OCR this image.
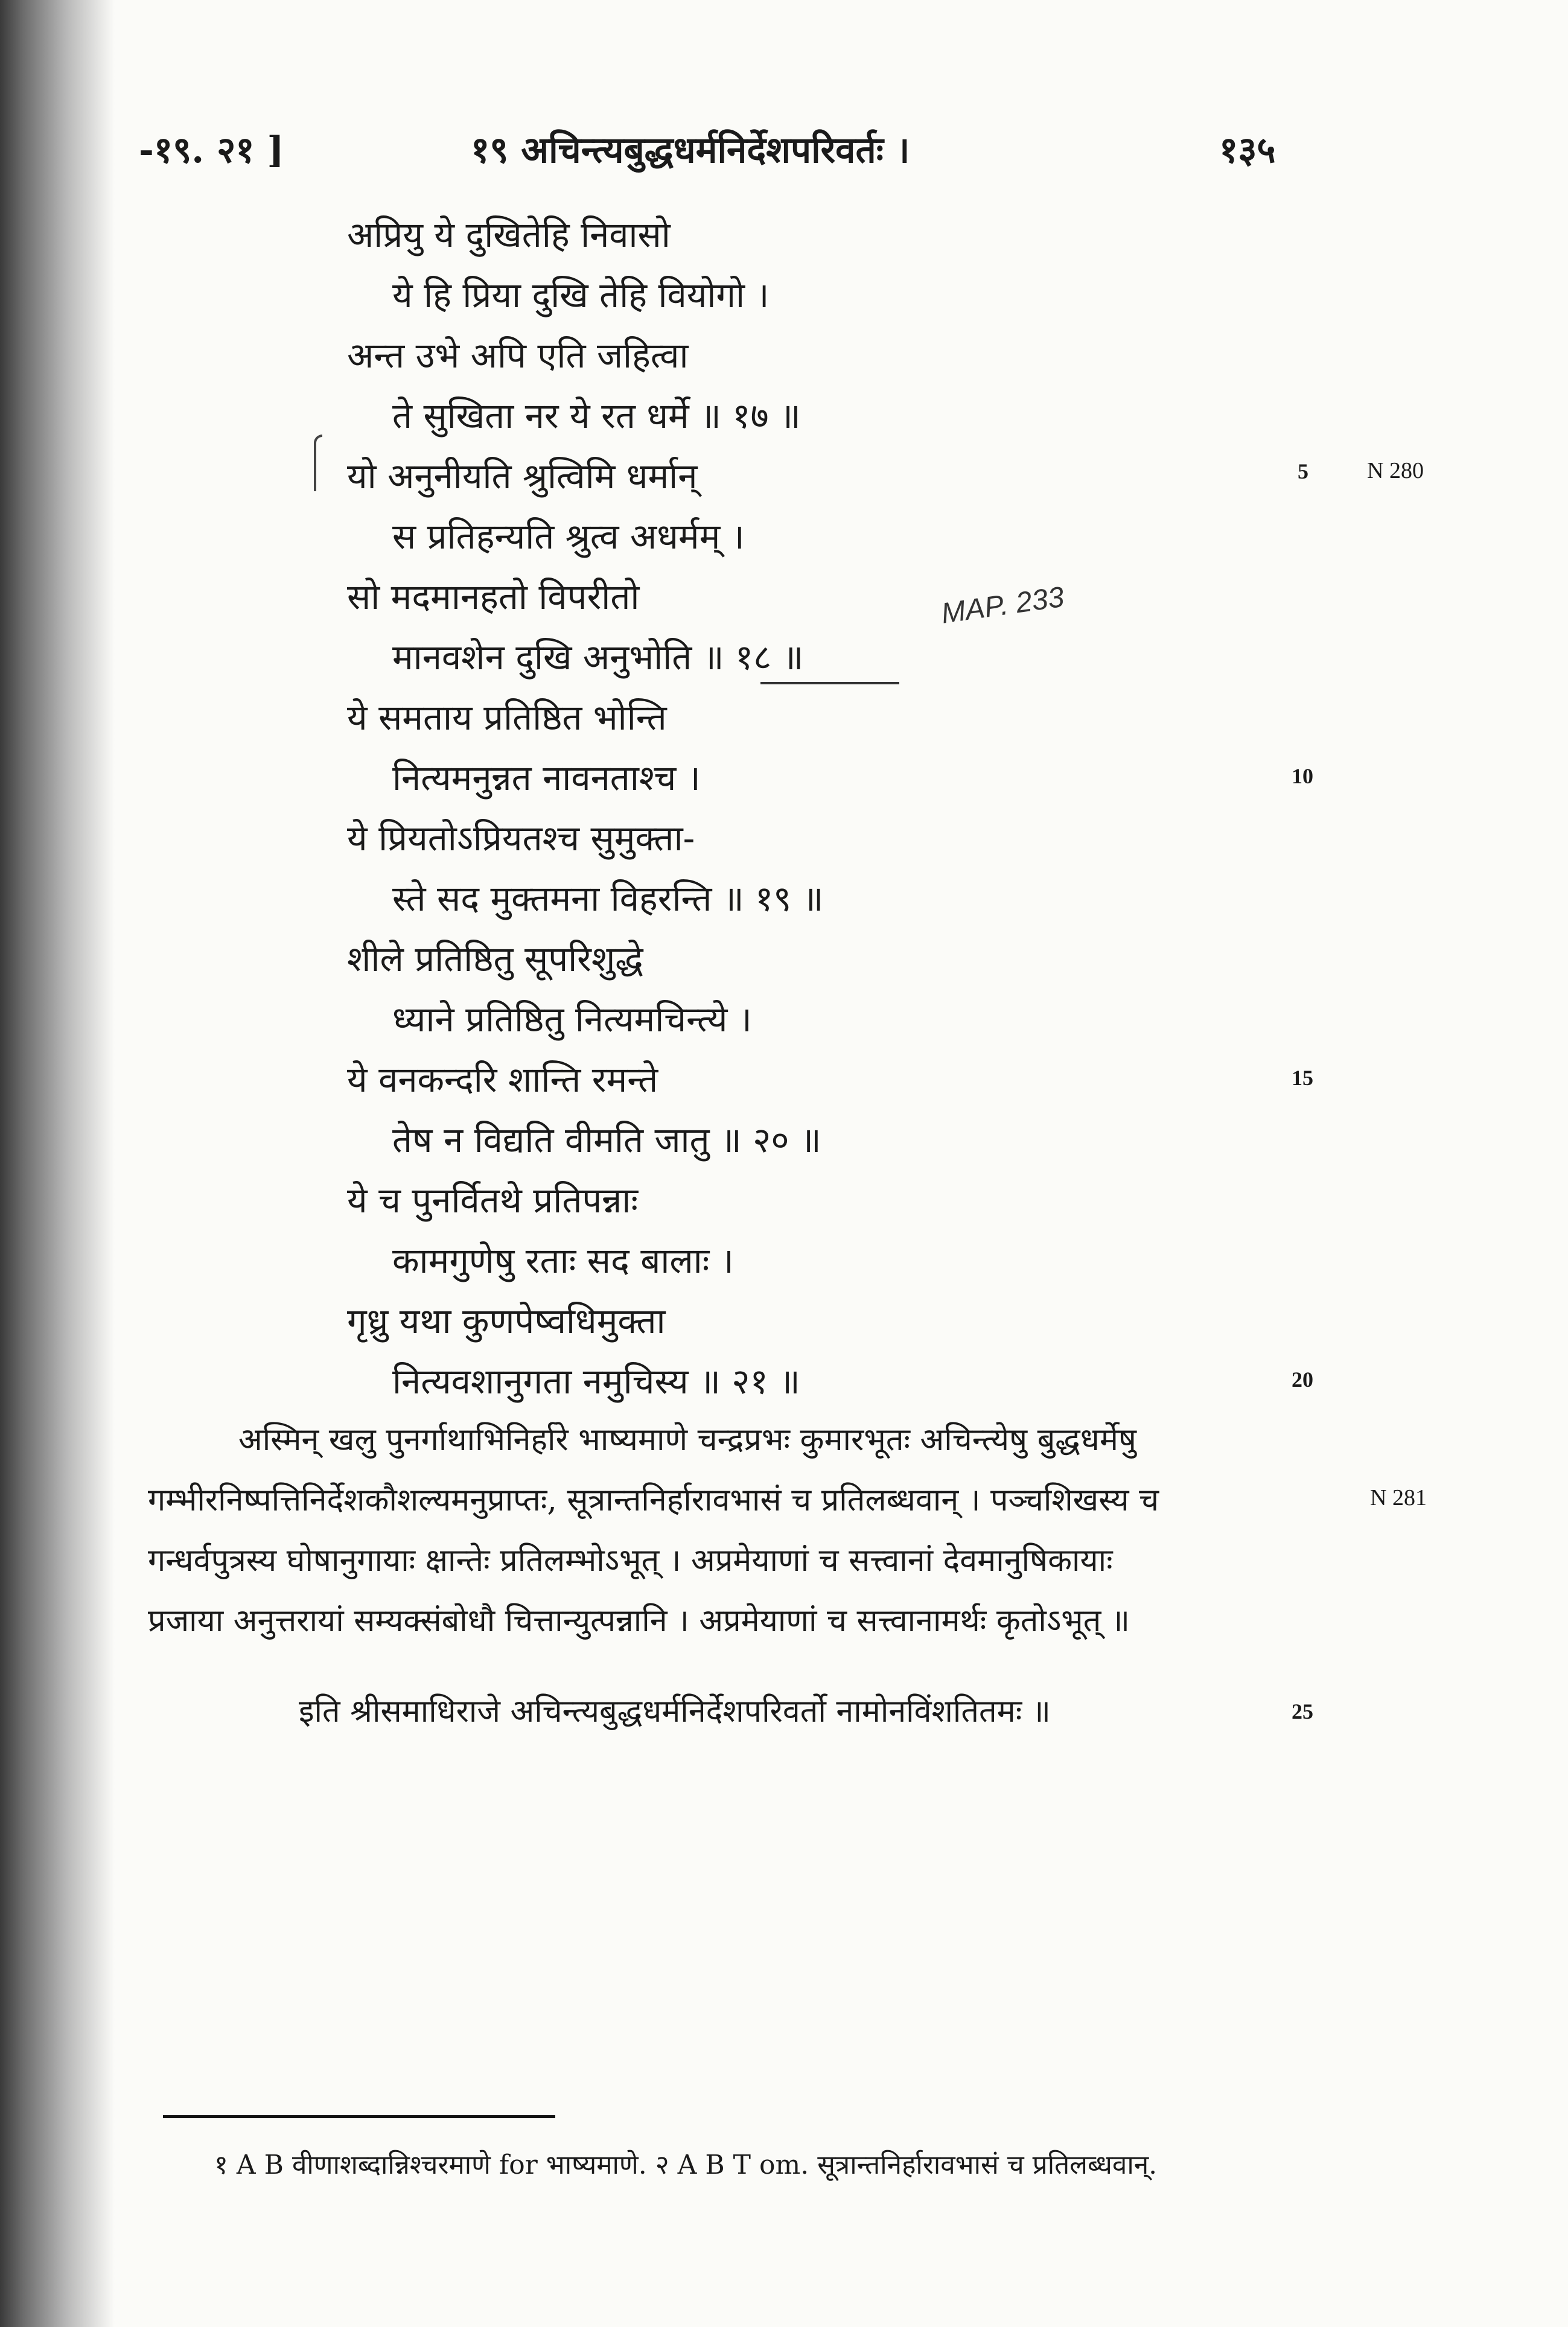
-१९. २१ ]	१९ अचिन्त्यबुद्धधर्मनिर्देशपरिवर्तः ।	१३५
अप्रियु ये दुखितेहि निवासो
ये हि प्रिया दुखि तेहि वियोगो ।
अन्त उभे अपि एति जहित्वा
ते सुखिता नर ये रत धर्मे ॥ १७ ॥
यो अनुनीयति श्रुत्विमि धर्मान्
स प्रतिहन्यति श्रुत्व अधर्मम् ।
सो मदमानहतो विपरीतो
मानवशेन दुखि अनुभोति ॥ १८ ॥
ये समताय प्रतिष्ठित भोन्ति
नित्यमनुन्नत नावनताश्च ।
ये प्रियतोऽप्रियतश्च सुमुक्ता-
स्ते सद मुक्तमना विहरन्ति ॥ १९ ॥
शीले प्रतिष्ठितु सूपरिशुद्धे
ध्याने प्रतिष्ठितु नित्यमचिन्त्ये ।
ये वनकन्दरि शान्ति रमन्ते
तेष न विद्यति वीमति जातु ॥ २० ॥
ये च पुनर्वितथे प्रतिपन्नाः
कामगुणेषु रताः सद बालाः ।
गृध्रु यथा कुणपेष्वधिमुक्ता
नित्यवशानुगता नमुचिस्य ॥ २१ ॥
MAP. 233
5
10
15
20
25
N 280
N 281
अस्मिन् खलु पुनर्गाथाभिनिर्हारे भाष्यमाणे चन्द्रप्रभः कुमारभूतः अचिन्त्येषु बुद्धधर्मेषु
गम्भीरनिष्पत्तिनिर्देशकौशल्यमनुप्राप्तः, सूत्रान्तनिर्हारावभासं च प्रतिलब्धवान् । पञ्चशिखस्य च
गन्धर्वपुत्रस्य घोषानुगायाः क्षान्तेः प्रतिलम्भोऽभूत् । अप्रमेयाणां च सत्त्वानां देवमानुषिकायाः
प्रजाया अनुत्तरायां सम्यक्संबोधौ चित्तान्युत्पन्नानि । अप्रमेयाणां च सत्त्वानामर्थः कृतोऽभूत् ॥
इति श्रीसमाधिराजे अचिन्त्यबुद्धधर्मनिर्देशपरिवर्तो नामोनविंशतितमः ॥
१ A B वीणाशब्दान्निश्चरमाणे for भाष्यमाणे. २ A B T om. सूत्रान्तनिर्हारावभासं च प्रतिलब्धवान्.
